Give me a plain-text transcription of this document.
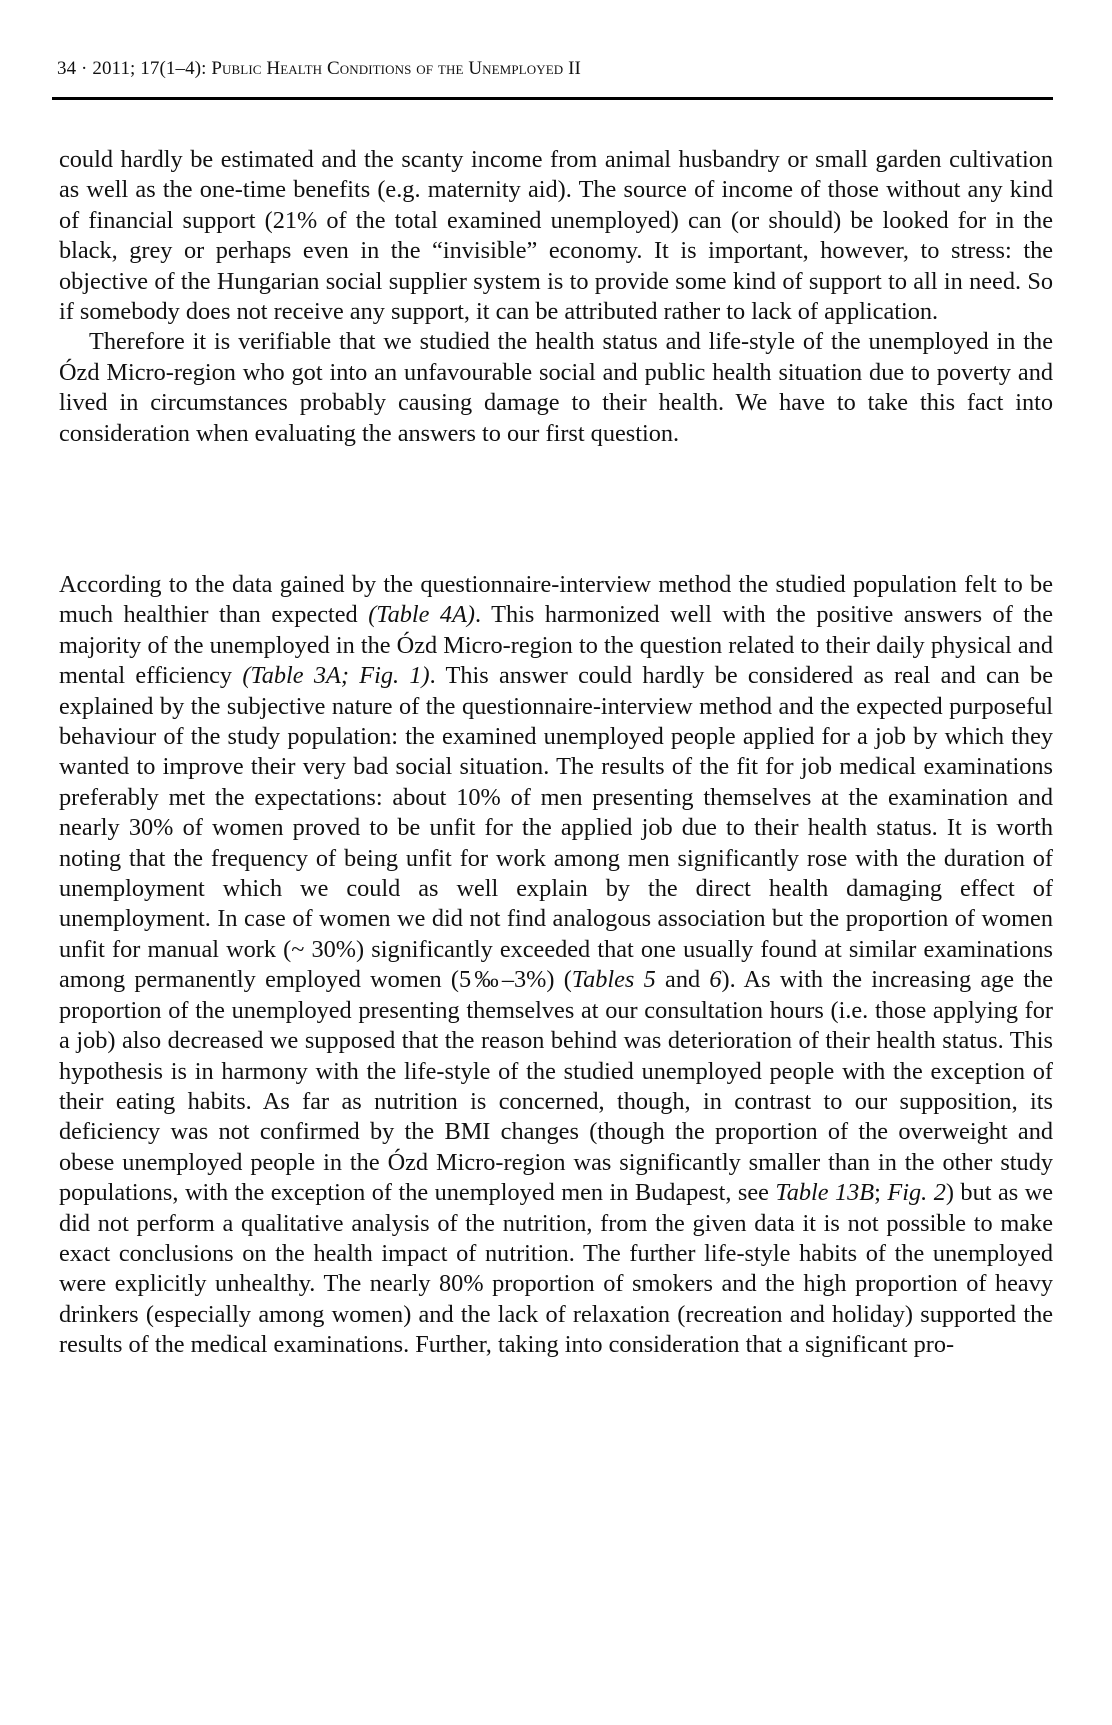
34 · 2011; 17(1–4): Public Health Conditions of the Unemployed II

could hardly be estimated and the scanty income from animal husbandry or small garden cultivation as well as the one-time benefits (e.g. maternity aid). The source of income of those without any kind of financial support (21% of the total examined unemployed) can (or should) be looked for in the black, grey or perhaps even in the “invisible” economy. It is important, however, to stress: the objective of the Hungarian social supplier system is to provide some kind of support to all in need. So if somebody does not receive any support, it can be attributed rather to lack of application.

Therefore it is verifiable that we studied the health status and life-style of the unemployed in the Ózd Micro-region who got into an unfavourable social and public health situation due to poverty and lived in circumstances probably causing damage to their health. We have to take this fact into consideration when evaluating the answers to our first question.

According to the data gained by the questionnaire-interview method the studied population felt to be much healthier than expected (Table 4A). This harmonized well with the positive answers of the majority of the unemployed in the Ózd Micro-region to the question related to their daily physical and mental efficiency (Table 3A; Fig. 1). This answer could hardly be considered as real and can be explained by the subjective nature of the questionnaire-interview method and the expected purposeful behaviour of the study population: the examined unemployed people applied for a job by which they wanted to improve their very bad social situation. The results of the fit for job medical examinations preferably met the expectations: about 10% of men presenting themselves at the examination and nearly 30% of women proved to be unfit for the applied job due to their health status. It is worth noting that the frequency of being unfit for work among men significantly rose with the duration of unemployment which we could as well explain by the direct health damaging effect of unemployment. In case of women we did not find analogous association but the proportion of women unfit for manual work (~ 30%) significantly exceeded that one usually found at similar examinations among permanently employed women (5‰–3%) (Tables 5 and 6). As with the increasing age the proportion of the unemployed presenting themselves at our consultation hours (i.e. those applying for a job) also decreased we supposed that the reason behind was deterioration of their health status. This hypothesis is in harmony with the life-style of the studied unemployed people with the exception of their eating habits. As far as nutrition is concerned, though, in contrast to our supposition, its deficiency was not confirmed by the BMI changes (though the proportion of the overweight and obese unemployed people in the Ózd Micro-region was significantly smaller than in the other study populations, with the exception of the unemployed men in Budapest, see Table 13B; Fig. 2) but as we did not perform a qualitative analysis of the nutrition, from the given data it is not possible to make exact conclusions on the health impact of nutrition. The further life-style habits of the unemployed were explicitly unhealthy. The nearly 80% proportion of smokers and the high proportion of heavy drinkers (especially among women) and the lack of relaxation (recreation and holiday) supported the results of the medical examinations. Further, taking into consideration that a significant pro-
